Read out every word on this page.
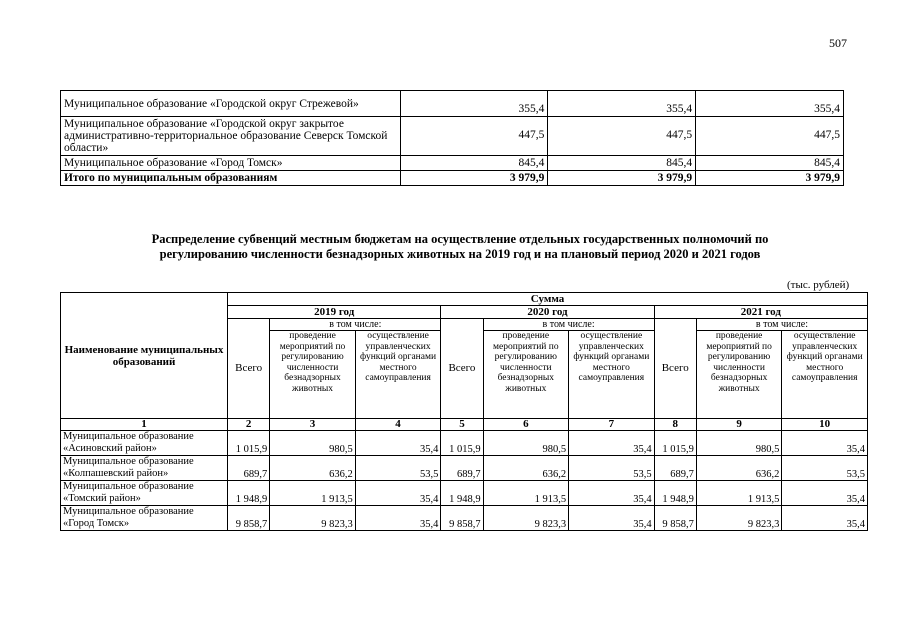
507
Муниципальное образование «Городской округ Стрежевой»	355,4	355,4	355,4
Муниципальное образование «Городской округ закрытое административно-территориальное образование Северск Томской области»	447,5	447,5	447,5
Муниципальное образование «Город Томск»	845,4	845,4	845,4
Итого по муниципальным образованиям	3 979,9	3 979,9	3 979,9
Распределение субвенций местным бюджетам на осуществление отдельных государственных полномочий по
регулированию численности безнадзорных животных на 2019 год и на плановый период 2020 и 2021 годов
(тыс. рублей)
Наименование муниципальных образований	Сумма								
	2019 год			2020 год			2021 год		
	Всего	в том числе:		Всего	в том числе:		Всего	в том числе:	
		проведение мероприятий по регулированию численности безнадзорных животных	осуществление управленческих функций органами местного самоуправления		проведение мероприятий по регулированию численности безнадзорных животных	осуществление управленческих функций органами местного самоуправления		проведение мероприятий по регулированию численности безнадзорных животных	осуществление управленческих функций органами местного самоуправления
1	2	3	4	5	6	7	8	9	10
Муниципальное образование «Асиновский район»	1 015,9	980,5	35,4	1 015,9	980,5	35,4	1 015,9	980,5	35,4
Муниципальное образование «Колпашевский район»	689,7	636,2	53,5	689,7	636,2	53,5	689,7	636,2	53,5
Муниципальное образование «Томский район»	1 948,9	1 913,5	35,4	1 948,9	1 913,5	35,4	1 948,9	1 913,5	35,4
Муниципальное образование «Город Томск»	9 858,7	9 823,3	35,4	9 858,7	9 823,3	35,4	9 858,7	9 823,3	35,4
